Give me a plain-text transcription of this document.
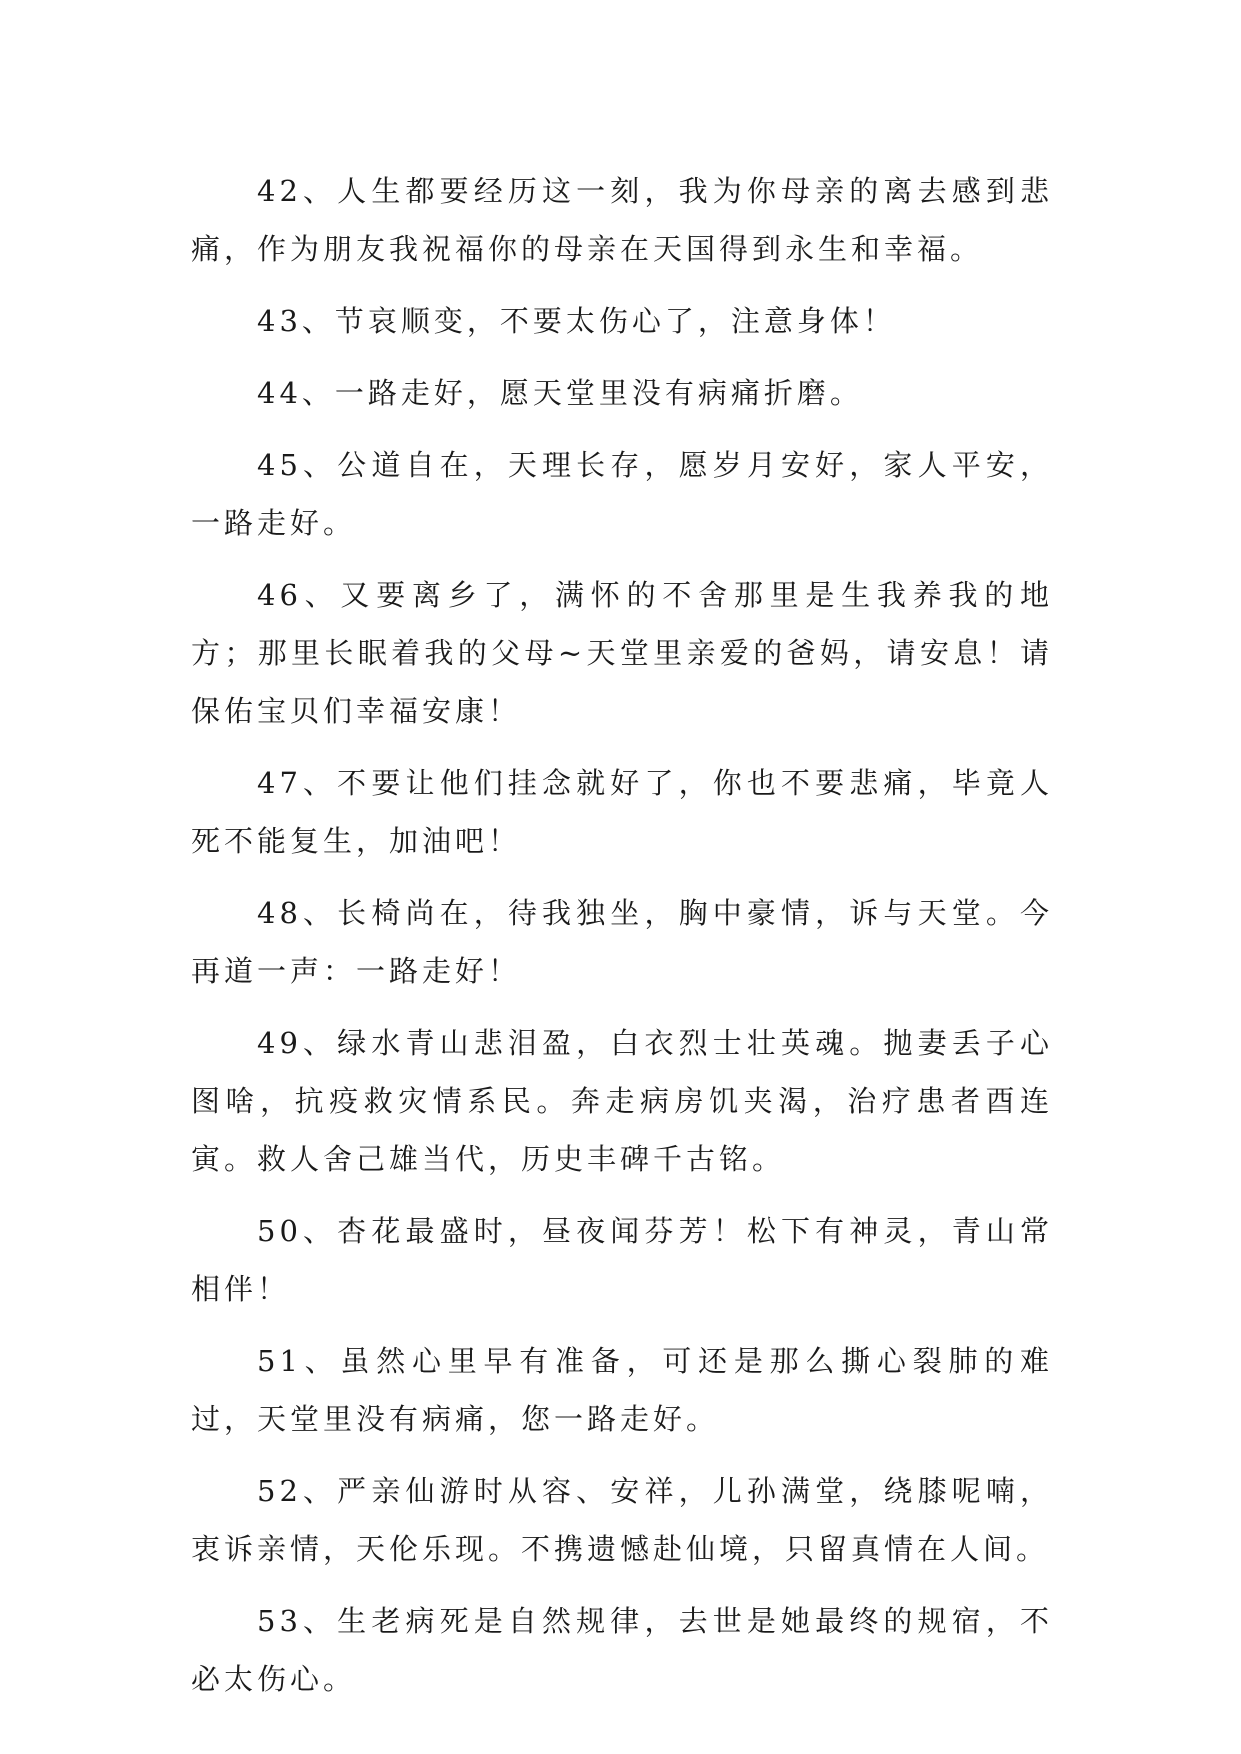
42、人生都要经历这一刻，我为你母亲的离去感到悲痛，作为朋友我祝福你的母亲在天国得到永生和幸福。

43、节哀顺变，不要太伤心了，注意身体！

44、一路走好，愿天堂里没有病痛折磨。

45、公道自在，天理长存，愿岁月安好，家人平安，一路走好。

46、又要离乡了，满怀的不舍那里是生我养我的地方；那里长眠着我的父母~天堂里亲爱的爸妈，请安息！请保佑宝贝们幸福安康！

47、不要让他们挂念就好了，你也不要悲痛，毕竟人死不能复生，加油吧！

48、长椅尚在，待我独坐，胸中豪情，诉与天堂。今再道一声：一路走好！

49、绿水青山悲泪盈，白衣烈士壮英魂。抛妻丢子心图啥，抗疫救灾情系民。奔走病房饥夹渴，治疗患者酉连寅。救人舍己雄当代，历史丰碑千古铭。

50、杏花最盛时，昼夜闻芬芳！松下有神灵，青山常相伴！

51、虽然心里早有准备，可还是那么撕心裂肺的难过，天堂里没有病痛，您一路走好。

52、严亲仙游时从容、安祥，儿孙满堂，绕膝呢喃，衷诉亲情，天伦乐现。不携遗憾赴仙境，只留真情在人间。

53、生老病死是自然规律，去世是她最终的规宿，不必太伤心。
